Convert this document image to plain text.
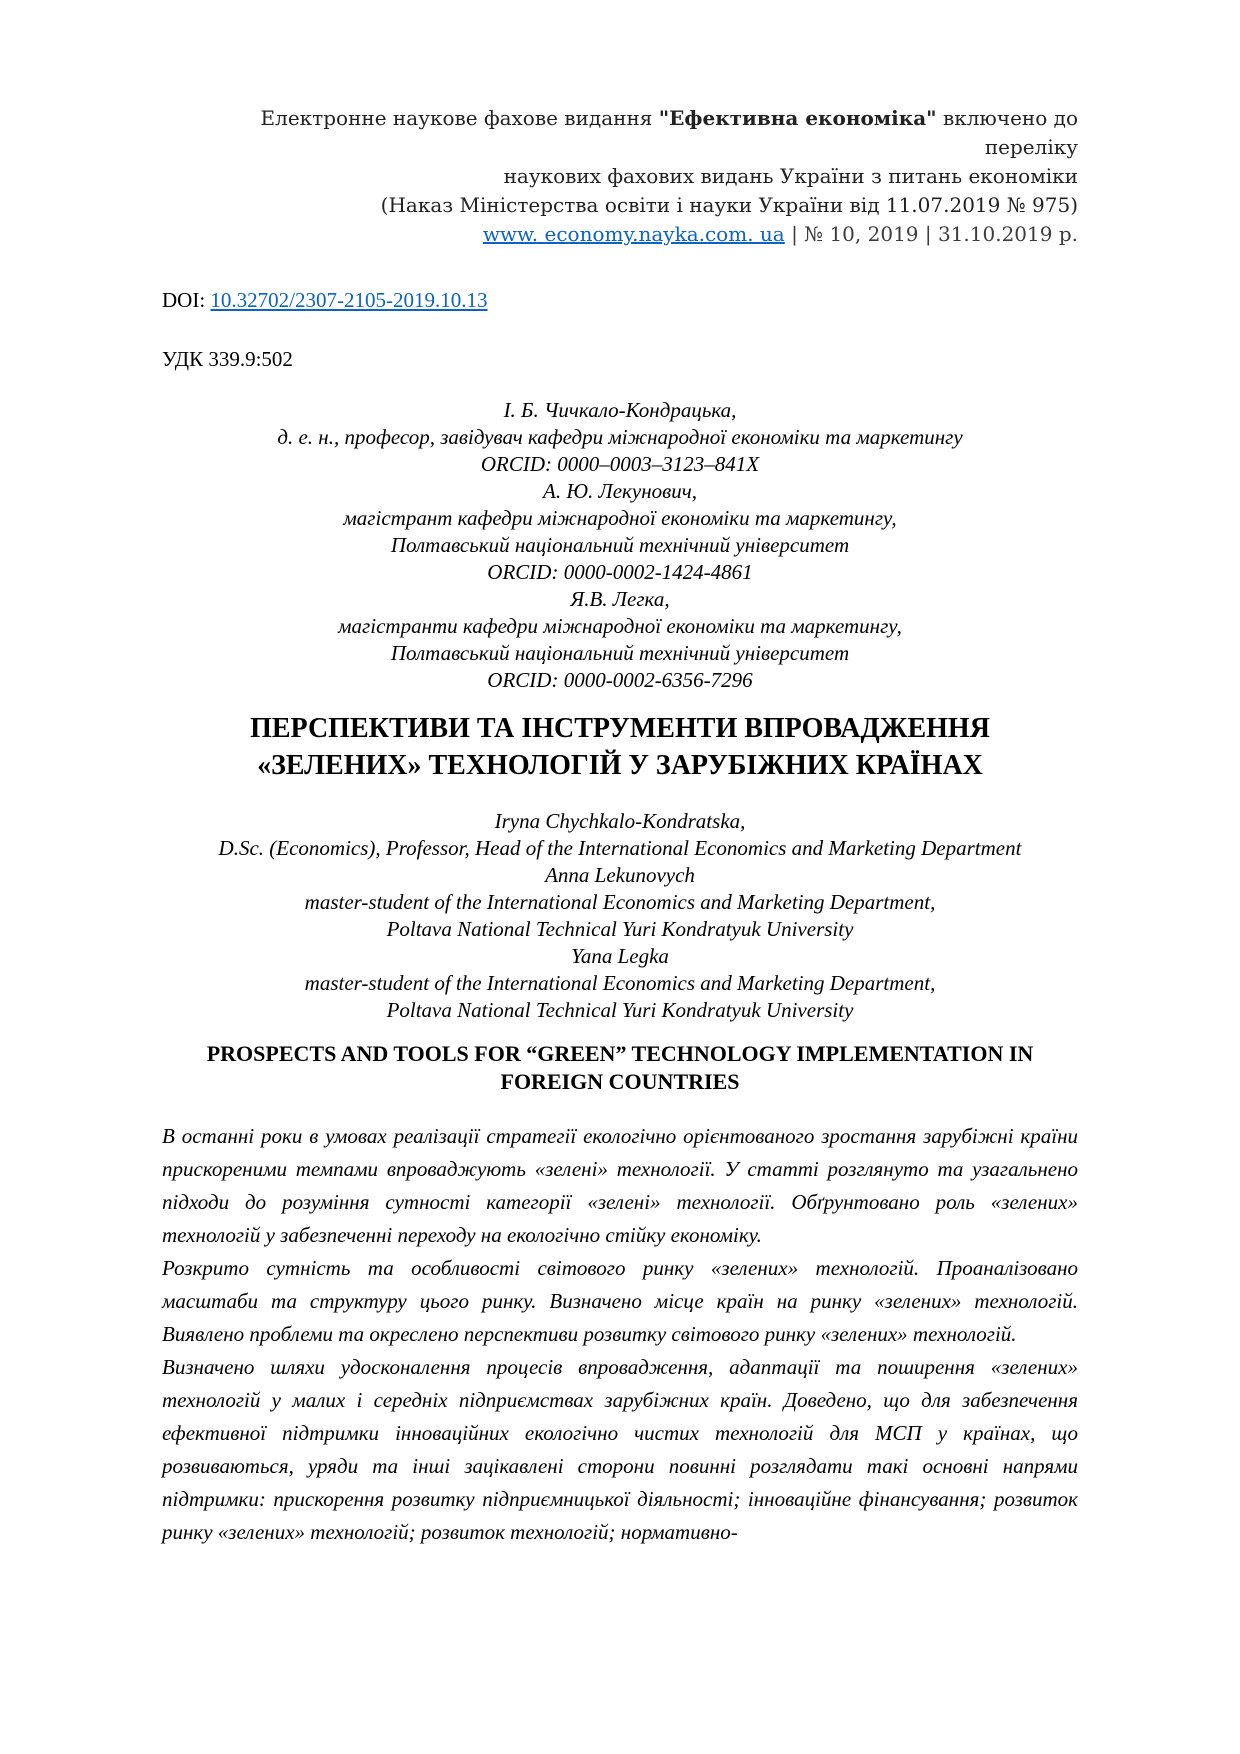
Електронне наукове фахове видання "Ефективна економіка" включено до переліку
наукових фахових видань України з питань економіки
(Наказ Міністерства освіти і науки України від 11.07.2019 № 975)
www. economy.nayka.com. ua | № 10, 2019 | 31.10.2019 р.
DOI: 10.32702/2307-2105-2019.10.13
УДК 339.9:502
І. Б. Чичкало-Кондрацька,
д. е. н., професор, завідувач кафедри міжнародної економіки та маркетингу
ORCID: 0000–0003–3123–841X
А. Ю. Лекунович,
магістрант кафедри міжнародної економіки та маркетингу,
Полтавський національний технічний університет
ORCID: 0000-0002-1424-4861
Я.В. Легка,
магістранти кафедри міжнародної економіки та маркетингу,
Полтавський національний технічний університет
ORCID: 0000-0002-6356-7296
ПЕРСПЕКТИВИ ТА ІНСТРУМЕНТИ ВПРОВАДЖЕННЯ
«ЗЕЛЕНИХ» ТЕХНОЛОГІЙ У ЗАРУБІЖНИХ КРАЇНАХ
Iryna Chychkalo-Kondratska,
D.Sc. (Economics), Professor, Head of the International Economics and Marketing Department
Anna Lekunovych
master-student of the International Economics and Marketing Department,
Poltava National Technical Yuri Kondratyuk University
Yana Legka
master-student of the International Economics and Marketing Department,
Poltava National Technical Yuri Kondratyuk University
PROSPECTS AND TOOLS FOR “GREEN” TECHNOLOGY IMPLEMENTATION IN
FOREIGN COUNTRIES

В останні роки в умовах реалізації стратегії екологічно орієнтованого зростання зарубіжні країни прискореними темпами впроваджують «зелені» технології. У статті розглянуто та узагальнено підходи до розуміння сутності категорії «зелені» технології. Обґрунтовано роль «зелених» технологій у забезпеченні переходу на екологічно стійку економіку.

Розкрито сутність та особливості світового ринку «зелених» технологій. Проаналізовано масштаби та структуру цього ринку. Визначено місце країн на ринку «зелених» технологій. Виявлено проблеми та окреслено перспективи розвитку світового ринку «зелених» технологій.

Визначено шляхи удосконалення процесів впровадження, адаптації та поширення «зелених» технологій у малих і середніх підприємствах зарубіжних країн. Доведено, що для забезпечення ефективної підтримки інноваційних екологічно чистих технологій для МСП у країнах, що розвиваються, уряди та інші зацікавлені сторони повинні розглядати такі основні напрями підтримки: прискорення розвитку підприємницької діяльності; інноваційне фінансування; розвиток ринку «зелених» технологій; розвиток технологій; нормативно-
